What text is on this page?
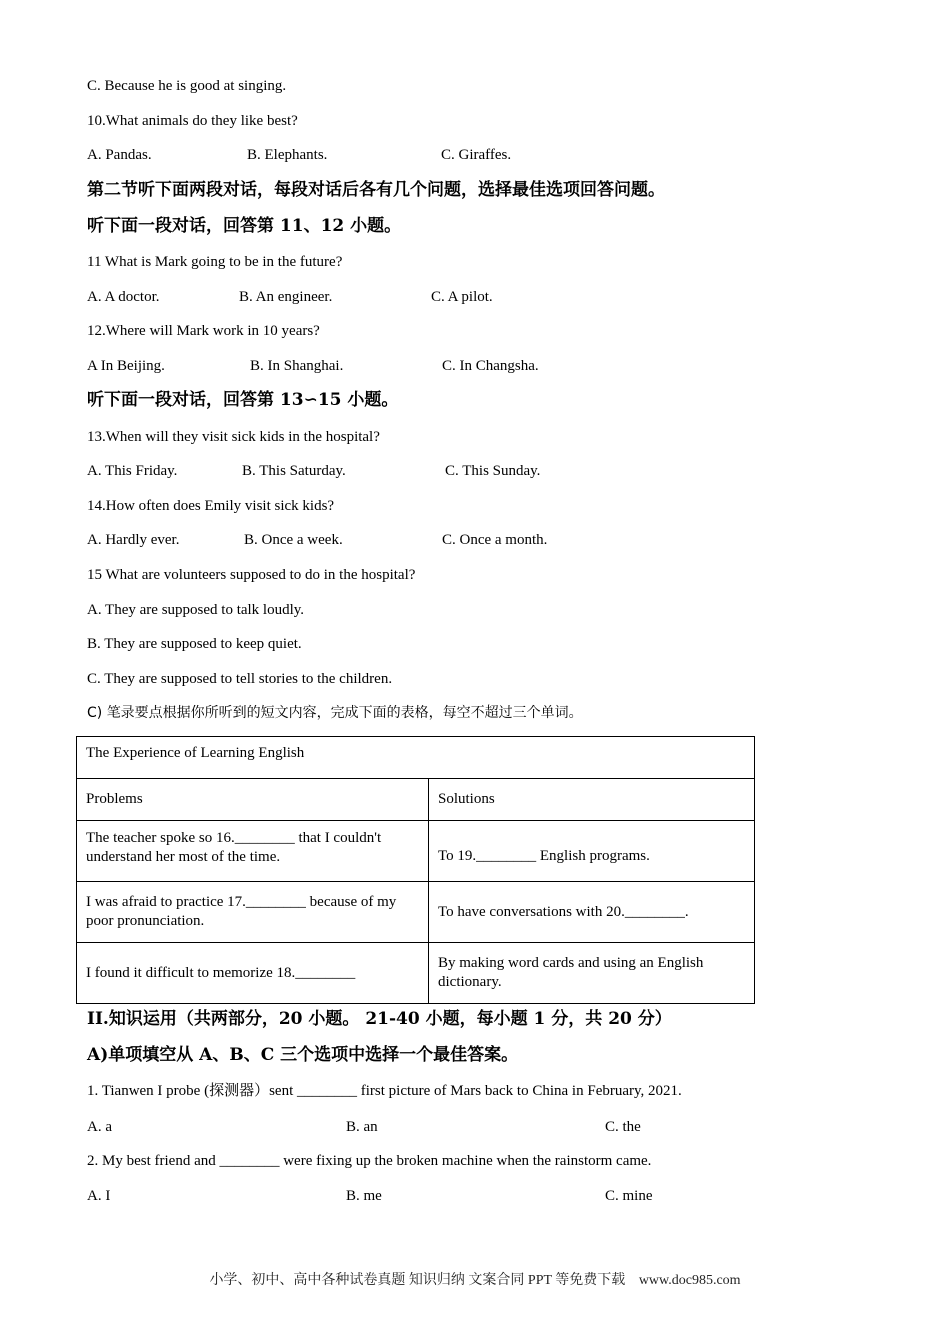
C. Because he is good at singing.
10.What animals do they like best?
A. Pandas.	B. Elephants.	C. Giraffes.
第二节听下面两段对话，每段对话后各有几个问题，选择最佳选项回答问题。
听下面一段对话，回答第 11、12 小题。
11 What is Mark going to be in the future?
A. A doctor.	B. An engineer.	C. A pilot.
12.Where will Mark work in 10 years?
A In Beijing.	B. In Shanghai.	C. In Changsha.
听下面一段对话，回答第 13∽15 小题。
13.When will they visit sick kids in the hospital?
A. This Friday.	B. This Saturday.	C. This Sunday.
14.How often does Emily visit sick kids?
A. Hardly ever.	B. Once a week.	C. Once a month.
15 What are volunteers supposed to do in the hospital?
A. They are supposed to talk loudly.
B. They are supposed to keep quiet.
C. They are supposed to tell stories to the children.
C) 笔录要点根据你所听到的短文内容，完成下面的表格，每空不超过三个单词。
The Experience of Learning English	
Problems	Solutions
The teacher spoke so 16.________ that I couldn't understand her most of the time.	To 19.________ English programs.
I was afraid to practice 17.________ because of my poor pronunciation.	To have conversations with 20.________.
I found it difficult to memorize 18.________	By making word cards and using an English dictionary.
II.知识运用（共两部分，20 小题。 21-40 小题，每小题 1 分，共 20 分）
A)单项填空从 A、B、C 三个选项中选择一个最佳答案。
1. Tianwen I probe (探测器）sent ________ first picture of Mars back to China in February, 2021.
A. a	B. an	C. the
2. My best friend and ________ were fixing up the broken machine when the rainstorm came.
A. I	B. me	C. mine
小学、初中、高中各种试卷真题 知识归纳 文案合同 PPT 等免费下载 www.doc985.com
